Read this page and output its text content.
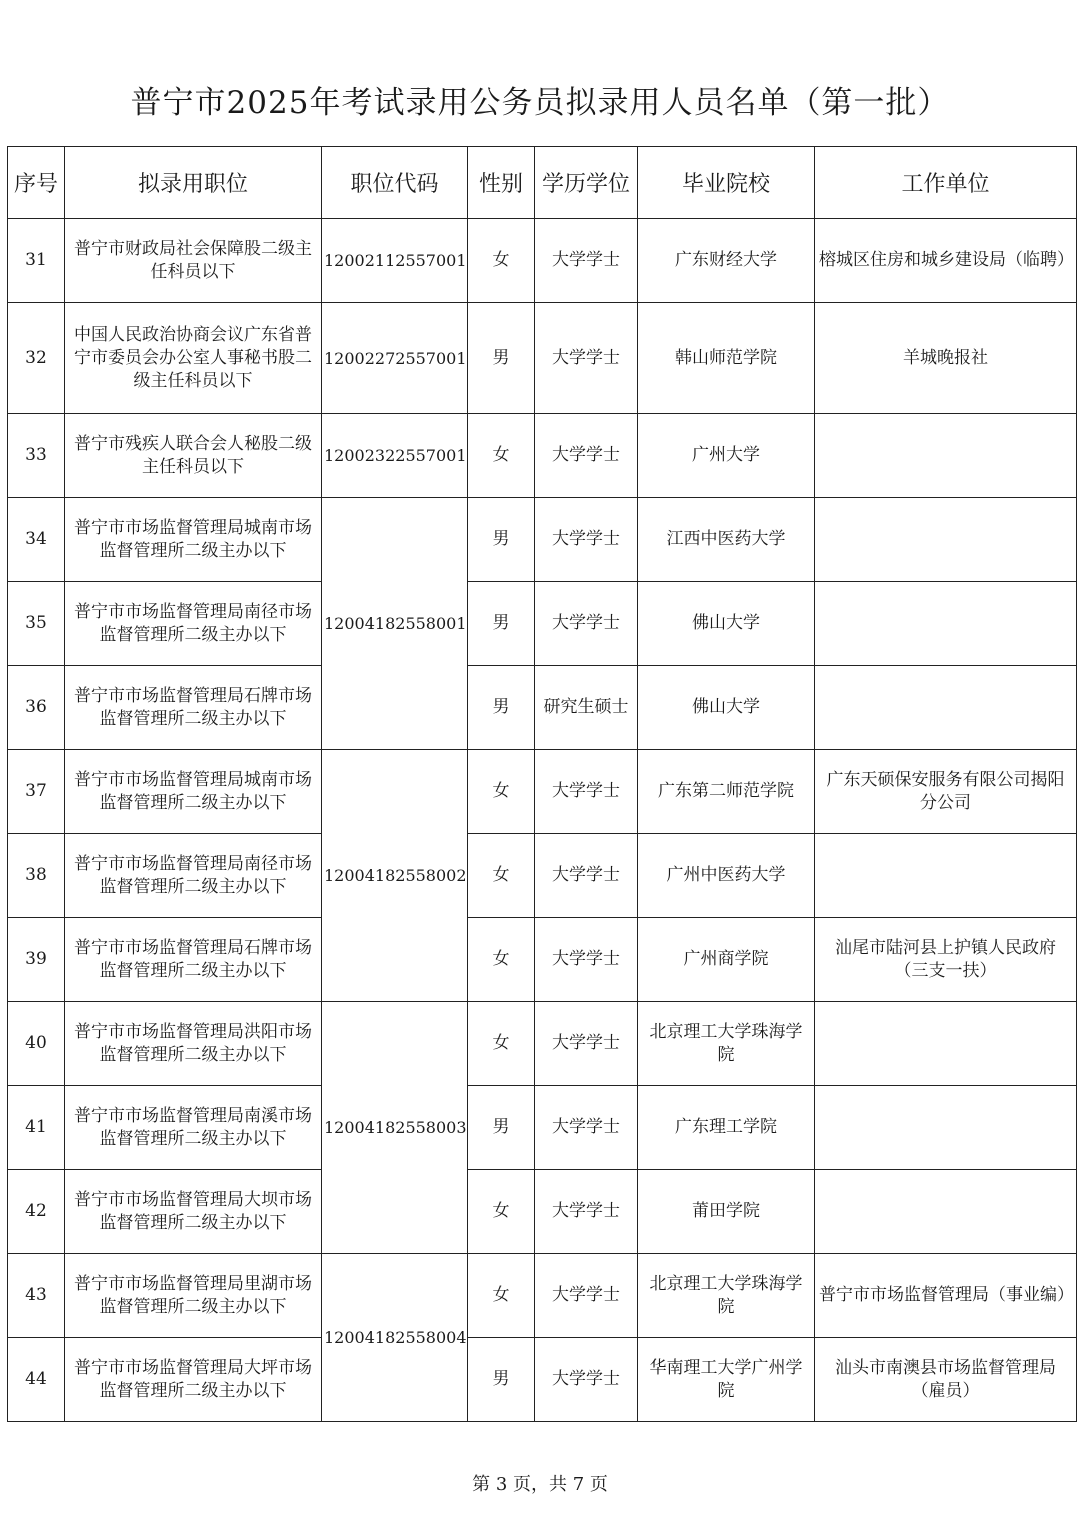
普宁市2025年考试录用公务员拟录用人员名单（第一批）
序号	拟录用职位	职位代码	性别	学历学位	毕业院校	工作单位
31	普宁市财政局社会保障股二级主任科员以下	12002112557001	女	大学学士	广东财经大学	榕城区住房和城乡建设局（临聘）
32	中国人民政治协商会议广东省普宁市委员会办公室人事秘书股二级主任科员以下	12002272557001	男	大学学士	韩山师范学院	羊城晚报社
33	普宁市残疾人联合会人秘股二级主任科员以下	12002322557001	女	大学学士	广州大学	
34	普宁市市场监督管理局城南市场监督管理所二级主办以下	12004182558001	男	大学学士	江西中医药大学	
35	普宁市市场监督管理局南径市场监督管理所二级主办以下		男	大学学士	佛山大学	
36	普宁市市场监督管理局石牌市场监督管理所二级主办以下		男	研究生硕士	佛山大学	
37	普宁市市场监督管理局城南市场监督管理所二级主办以下	12004182558002	女	大学学士	广东第二师范学院	广东天硕保安服务有限公司揭阳分公司
38	普宁市市场监督管理局南径市场监督管理所二级主办以下		女	大学学士	广州中医药大学	
39	普宁市市场监督管理局石牌市场监督管理所二级主办以下		女	大学学士	广州商学院	汕尾市陆河县上护镇人民政府（三支一扶）
40	普宁市市场监督管理局洪阳市场监督管理所二级主办以下	12004182558003	女	大学学士	北京理工大学珠海学院	
41	普宁市市场监督管理局南溪市场监督管理所二级主办以下		男	大学学士	广东理工学院	
42	普宁市市场监督管理局大坝市场监督管理所二级主办以下		女	大学学士	莆田学院	
43	普宁市市场监督管理局里湖市场监督管理所二级主办以下	12004182558004	女	大学学士	北京理工大学珠海学院	普宁市市场监督管理局（事业编）
44	普宁市市场监督管理局大坪市场监督管理所二级主办以下		男	大学学士	华南理工大学广州学院	汕头市南澳县市场监督管理局（雇员）
第 3 页，共 7 页
